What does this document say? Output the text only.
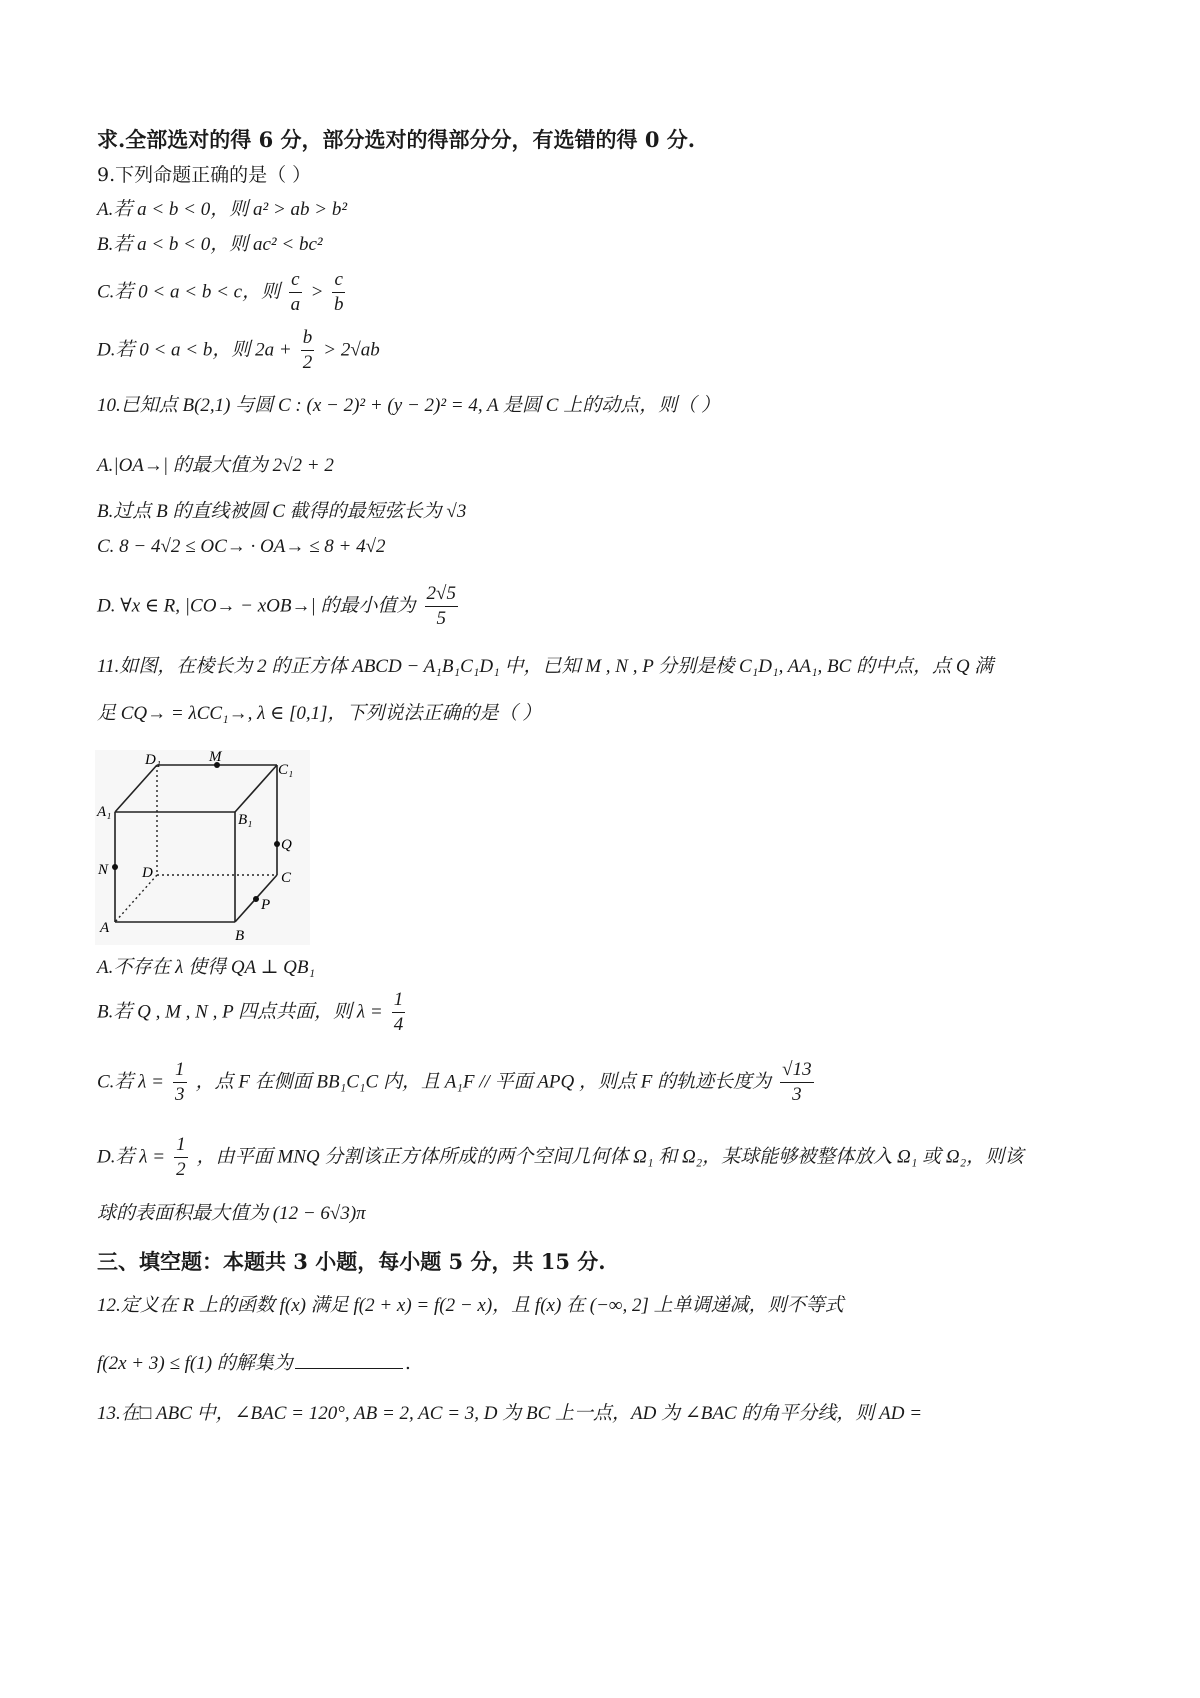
求.全部选对的得 6 分，部分选对的得部分分，有选错的得 0 分.
9.下列命题正确的是（ ）
A.若 a < b < 0，则 a² > ab > b²
B.若 a < b < 0，则 ac² < bc²
C.若 0 < a < b < c，则 $\frac{c}{a} > \frac{c}{b}$
D.若 0 < a < b，则 $2a + \frac{b}{2} > 2√ab$
10.已知点 B(2,1) 与圆 C : (x − 2)² + (y − 2)² = 4, A 是圆 C 上的动点，则（ ）
A.|OA→| 的最大值为 2√2 + 2
B.过点 B 的直线被圆 C 截得的最短弦长为 √3
C. 8 − 4√2 ≤ OC→ · OA→ ≤ 8 + 4√2
D. ∀x ∈ R, |CO→ − xOB→| 的最小值为 $\frac{2√5}{5}$
11.如图，在棱长为 2 的正方体 ABCD − A₁B₁C₁D₁ 中，已知 M , N , P 分别是棱 C₁D₁, AA₁, BC 的中点，点 Q 满
足 CQ→ = λCC₁→, λ ∈ [0,1]，下列说法正确的是（ ）
D₁	M
C₁
A₁	B₁
Q
N D	C
P
A	B
A.不存在 λ 使得 QA ⊥ QB₁
B.若 Q , M , N , P 四点共面，则 $\lambda = \frac{1}{4}$
C.若 $\lambda = \frac{1}{3}$ ，点 F 在侧面 BB₁C₁C 内，且 A₁F // 平面 APQ ，则点 F 的轨迹长度为 $\frac{√13}{3}$
D.若 $\lambda = \frac{1}{2}$ ，由平面 MNQ 分割该正方体所成的两个空间几何体 Ω₁ 和 Ω₂，某球能够被整体放入 Ω₁ 或 Ω₂，则该
球的表面积最大值为 (12 − 6√3)π
三、填空题：本题共 3 小题，每小题 5 分，共 15 分.
12.定义在 R 上的函数 f(x) 满足 f(2 + x) = f(2 − x)，且 f(x) 在 (−∞, 2] 上单调递减，则不等式
f(2x + 3) ≤ f(1) 的解集为	.
13.在□ ABC 中，∠BAC = 120°, AB = 2, AC = 3, D 为 BC 上一点，AD 为 ∠BAC 的角平分线，则 AD =
